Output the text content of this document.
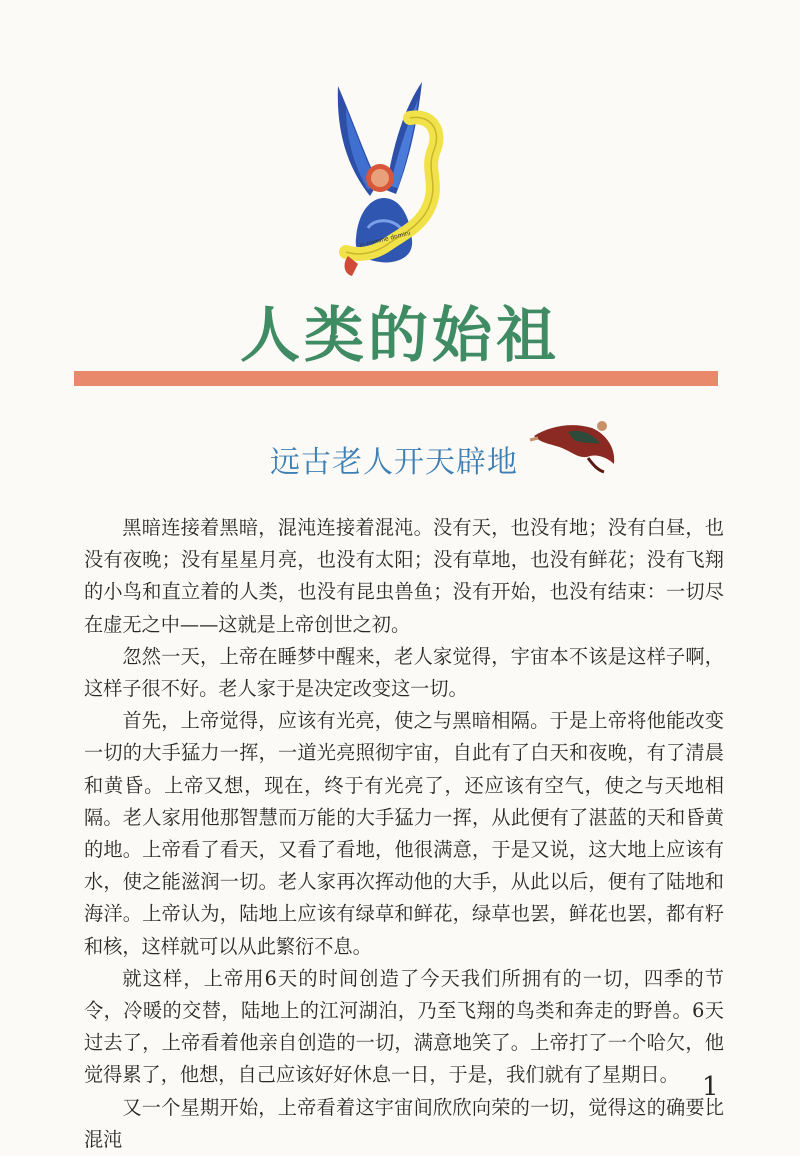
in nomine domini
人类的始祖
远古老人开天辟地

黑暗连接着黑暗，混沌连接着混沌。没有天，也没有地；没有白昼，也没有夜晚；没有星星月亮，也没有太阳；没有草地，也没有鲜花；没有飞翔的小鸟和直立着的人类，也没有昆虫兽鱼；没有开始，也没有结束：一切尽在虚无之中——这就是上帝创世之初。

忽然一天，上帝在睡梦中醒来，老人家觉得，宇宙本不该是这样子啊，这样子很不好。老人家于是决定改变这一切。

首先，上帝觉得，应该有光亮，使之与黑暗相隔。于是上帝将他能改变一切的大手猛力一挥，一道光亮照彻宇宙，自此有了白天和夜晚，有了清晨和黄昏。上帝又想，现在，终于有光亮了，还应该有空气，使之与天地相隔。老人家用他那智慧而万能的大手猛力一挥，从此便有了湛蓝的天和昏黄的地。上帝看了看天，又看了看地，他很满意，于是又说，这大地上应该有水，使之能滋润一切。老人家再次挥动他的大手，从此以后，便有了陆地和海洋。上帝认为，陆地上应该有绿草和鲜花，绿草也罢，鲜花也罢，都有籽和核，这样就可以从此繁衍不息。

就这样，上帝用6天的时间创造了今天我们所拥有的一切，四季的节令，冷暖的交替，陆地上的江河湖泊，乃至飞翔的鸟类和奔走的野兽。6天过去了，上帝看着他亲自创造的一切，满意地笑了。上帝打了一个哈欠，他觉得累了，他想，自己应该好好休息一日，于是，我们就有了星期日。

又一个星期开始，上帝看着这宇宙间欣欣向荣的一切，觉得这的确要比混沌

1
